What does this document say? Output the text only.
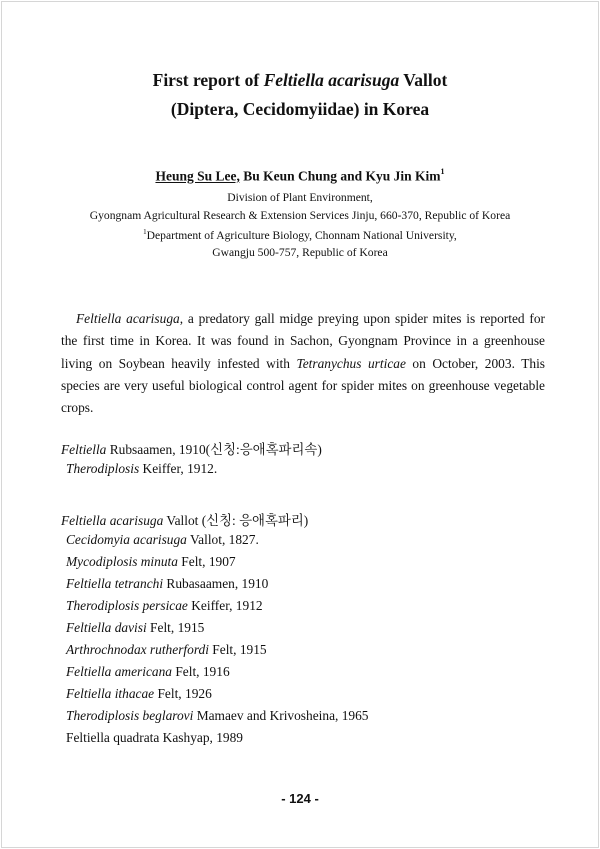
First report of Feltiella acarisuga Vallot
(Diptera, Cecidomyiidae) in Korea
Heung Su Lee, Bu Keun Chung and Kyu Jin Kim$^1$
Division of Plant Environment,
Gyongnam Agricultural Research & Extension Services Jinju, 660-370, Republic of Korea
$^1$Department of Agriculture Biology, Chonnam National University,
Gwangju 500-757, Republic of Korea
Feltiella acarisuga, a predatory gall midge preying upon spider mites is reported for the first time in Korea. It was found in Sachon, Gyongnam Province in a greenhouse living on Soybean heavily infested with Tetranychus urticae on October, 2003. This species are very useful biological control agent for spider mites on greenhouse vegetable crops.
Feltiella Rubsaamen, 1910(신칭:응애혹파리속)
Therodiplosis Keiffer, 1912.
Feltiella acarisuga Vallot (신칭: 응애혹파리)
Cecidomyia acarisuga Vallot, 1827.
Mycodiplosis minuta Felt, 1907
Feltiella tetranchi Rubasaamen, 1910
Therodiplosis persicae Keiffer, 1912
Feltiella davisi Felt, 1915
Arthrochnodax rutherfordi Felt, 1915
Feltiella americana Felt, 1916
Feltiella ithacae Felt, 1926
Therodiplosis beglarovi Mamaev and Krivosheina, 1965
Feltiella quadrata Kashyap, 1989
- 124 -
